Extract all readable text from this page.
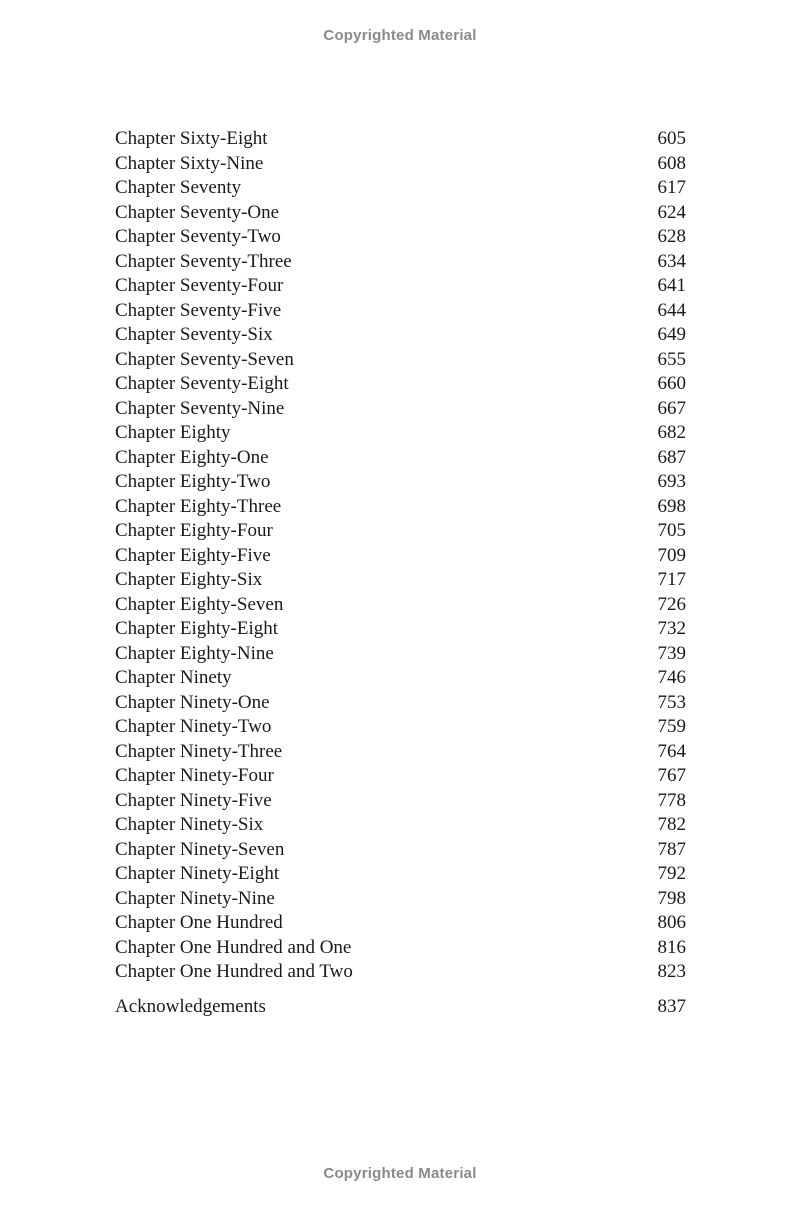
Copyrighted Material
Chapter Sixty-Eight	605
Chapter Sixty-Nine	608
Chapter Seventy	617
Chapter Seventy-One	624
Chapter Seventy-Two	628
Chapter Seventy-Three	634
Chapter Seventy-Four	641
Chapter Seventy-Five	644
Chapter Seventy-Six	649
Chapter Seventy-Seven	655
Chapter Seventy-Eight	660
Chapter Seventy-Nine	667
Chapter Eighty	682
Chapter Eighty-One	687
Chapter Eighty-Two	693
Chapter Eighty-Three	698
Chapter Eighty-Four	705
Chapter Eighty-Five	709
Chapter Eighty-Six	717
Chapter Eighty-Seven	726
Chapter Eighty-Eight	732
Chapter Eighty-Nine	739
Chapter Ninety	746
Chapter Ninety-One	753
Chapter Ninety-Two	759
Chapter Ninety-Three	764
Chapter Ninety-Four	767
Chapter Ninety-Five	778
Chapter Ninety-Six	782
Chapter Ninety-Seven	787
Chapter Ninety-Eight	792
Chapter Ninety-Nine	798
Chapter One Hundred	806
Chapter One Hundred and One	816
Chapter One Hundred and Two	823
Acknowledgements	837
Copyrighted Material
